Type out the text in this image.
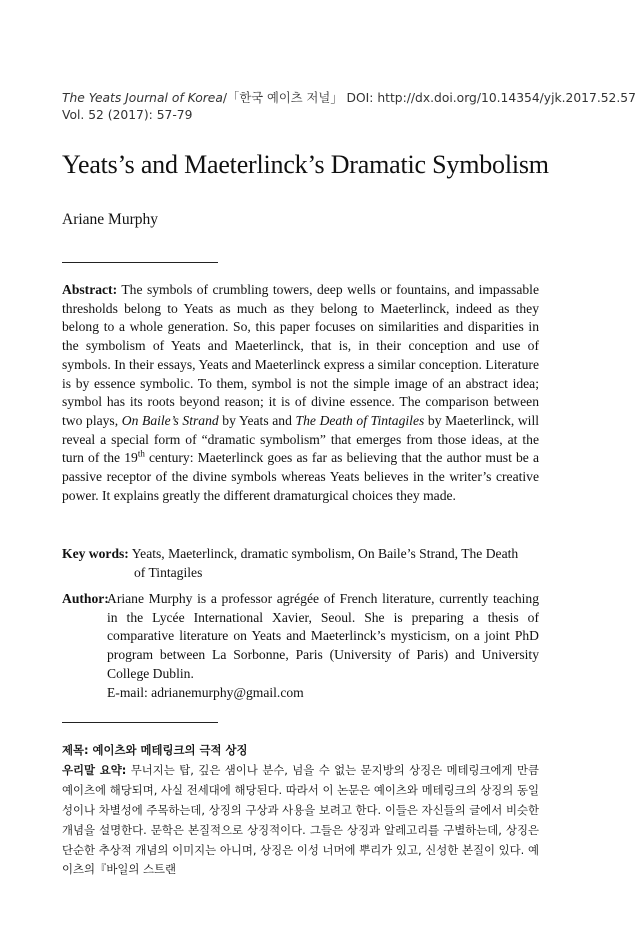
The Yeats Journal of Korea/「한국 예이츠 저널」 DOI: http://dx.doi.org/10.14354/yjk.2017.52.57
Vol. 52 (2017): 57-79
Yeats’s and Maeterlinck’s Dramatic Symbolism
Ariane Murphy
Abstract: The symbols of crumbling towers, deep wells or fountains, and impassable thresholds belong to Yeats as much as they belong to Maeterlinck, indeed as they belong to a whole generation. So, this paper focuses on similarities and disparities in the symbolism of Yeats and Maeterlinck, that is, in their conception and use of symbols. In their essays, Yeats and Maeterlinck express a similar conception. Literature is by essence symbolic. To them, symbol is not the simple image of an abstract idea; symbol has its roots beyond reason; it is of divine essence. The comparison between two plays, On Baile’s Strand by Yeats and The Death of Tintagiles by Maeterlinck, will reveal a special form of “dramatic symbolism” that emerges from those ideas, at the turn of the 19th century: Maeterlinck goes as far as believing that the author must be a passive receptor of the divine symbols whereas Yeats believes in the writer’s creative power. It explains greatly the different dramaturgical choices they made.
Key words: Yeats, Maeterlinck, dramatic symbolism, On Baile’s Strand, The Death
of Tintagiles
Author:
Ariane Murphy is a professor agrégée of French literature, currently teaching in the Lycée International Xavier, Seoul. She is preparing a thesis of comparative literature on Yeats and Maeterlinck’s mysticism, on a joint PhD program between La Sorbonne, Paris (University of Paris) and University College Dublin.
E-mail: adrianemurphy@gmail.com
제목: 예이츠와 메테링크의 극적 상징
우리말 요약: 무너지는 탑, 깊은 샘이나 분수, 넘을 수 없는 문지방의 상징은 메테링크에게 만큼 예이츠에 해당되며, 사실 전세대에 해당된다. 따라서 이 논문은 예이츠와 메테링크의 상징의 동일성이나 차별성에 주목하는데, 상징의 구상과 사용을 보려고 한다. 이들은 자신들의 글에서 비슷한 개념을 설명한다. 문학은 본질적으로 상징적이다. 그들은 상징과 알레고리를 구별하는데, 상징은 단순한 추상적 개념의 이미지는 아니며, 상징은 이성 너머에 뿌리가 있고, 신성한 본질이 있다. 예이츠의『바일의 스트랜
